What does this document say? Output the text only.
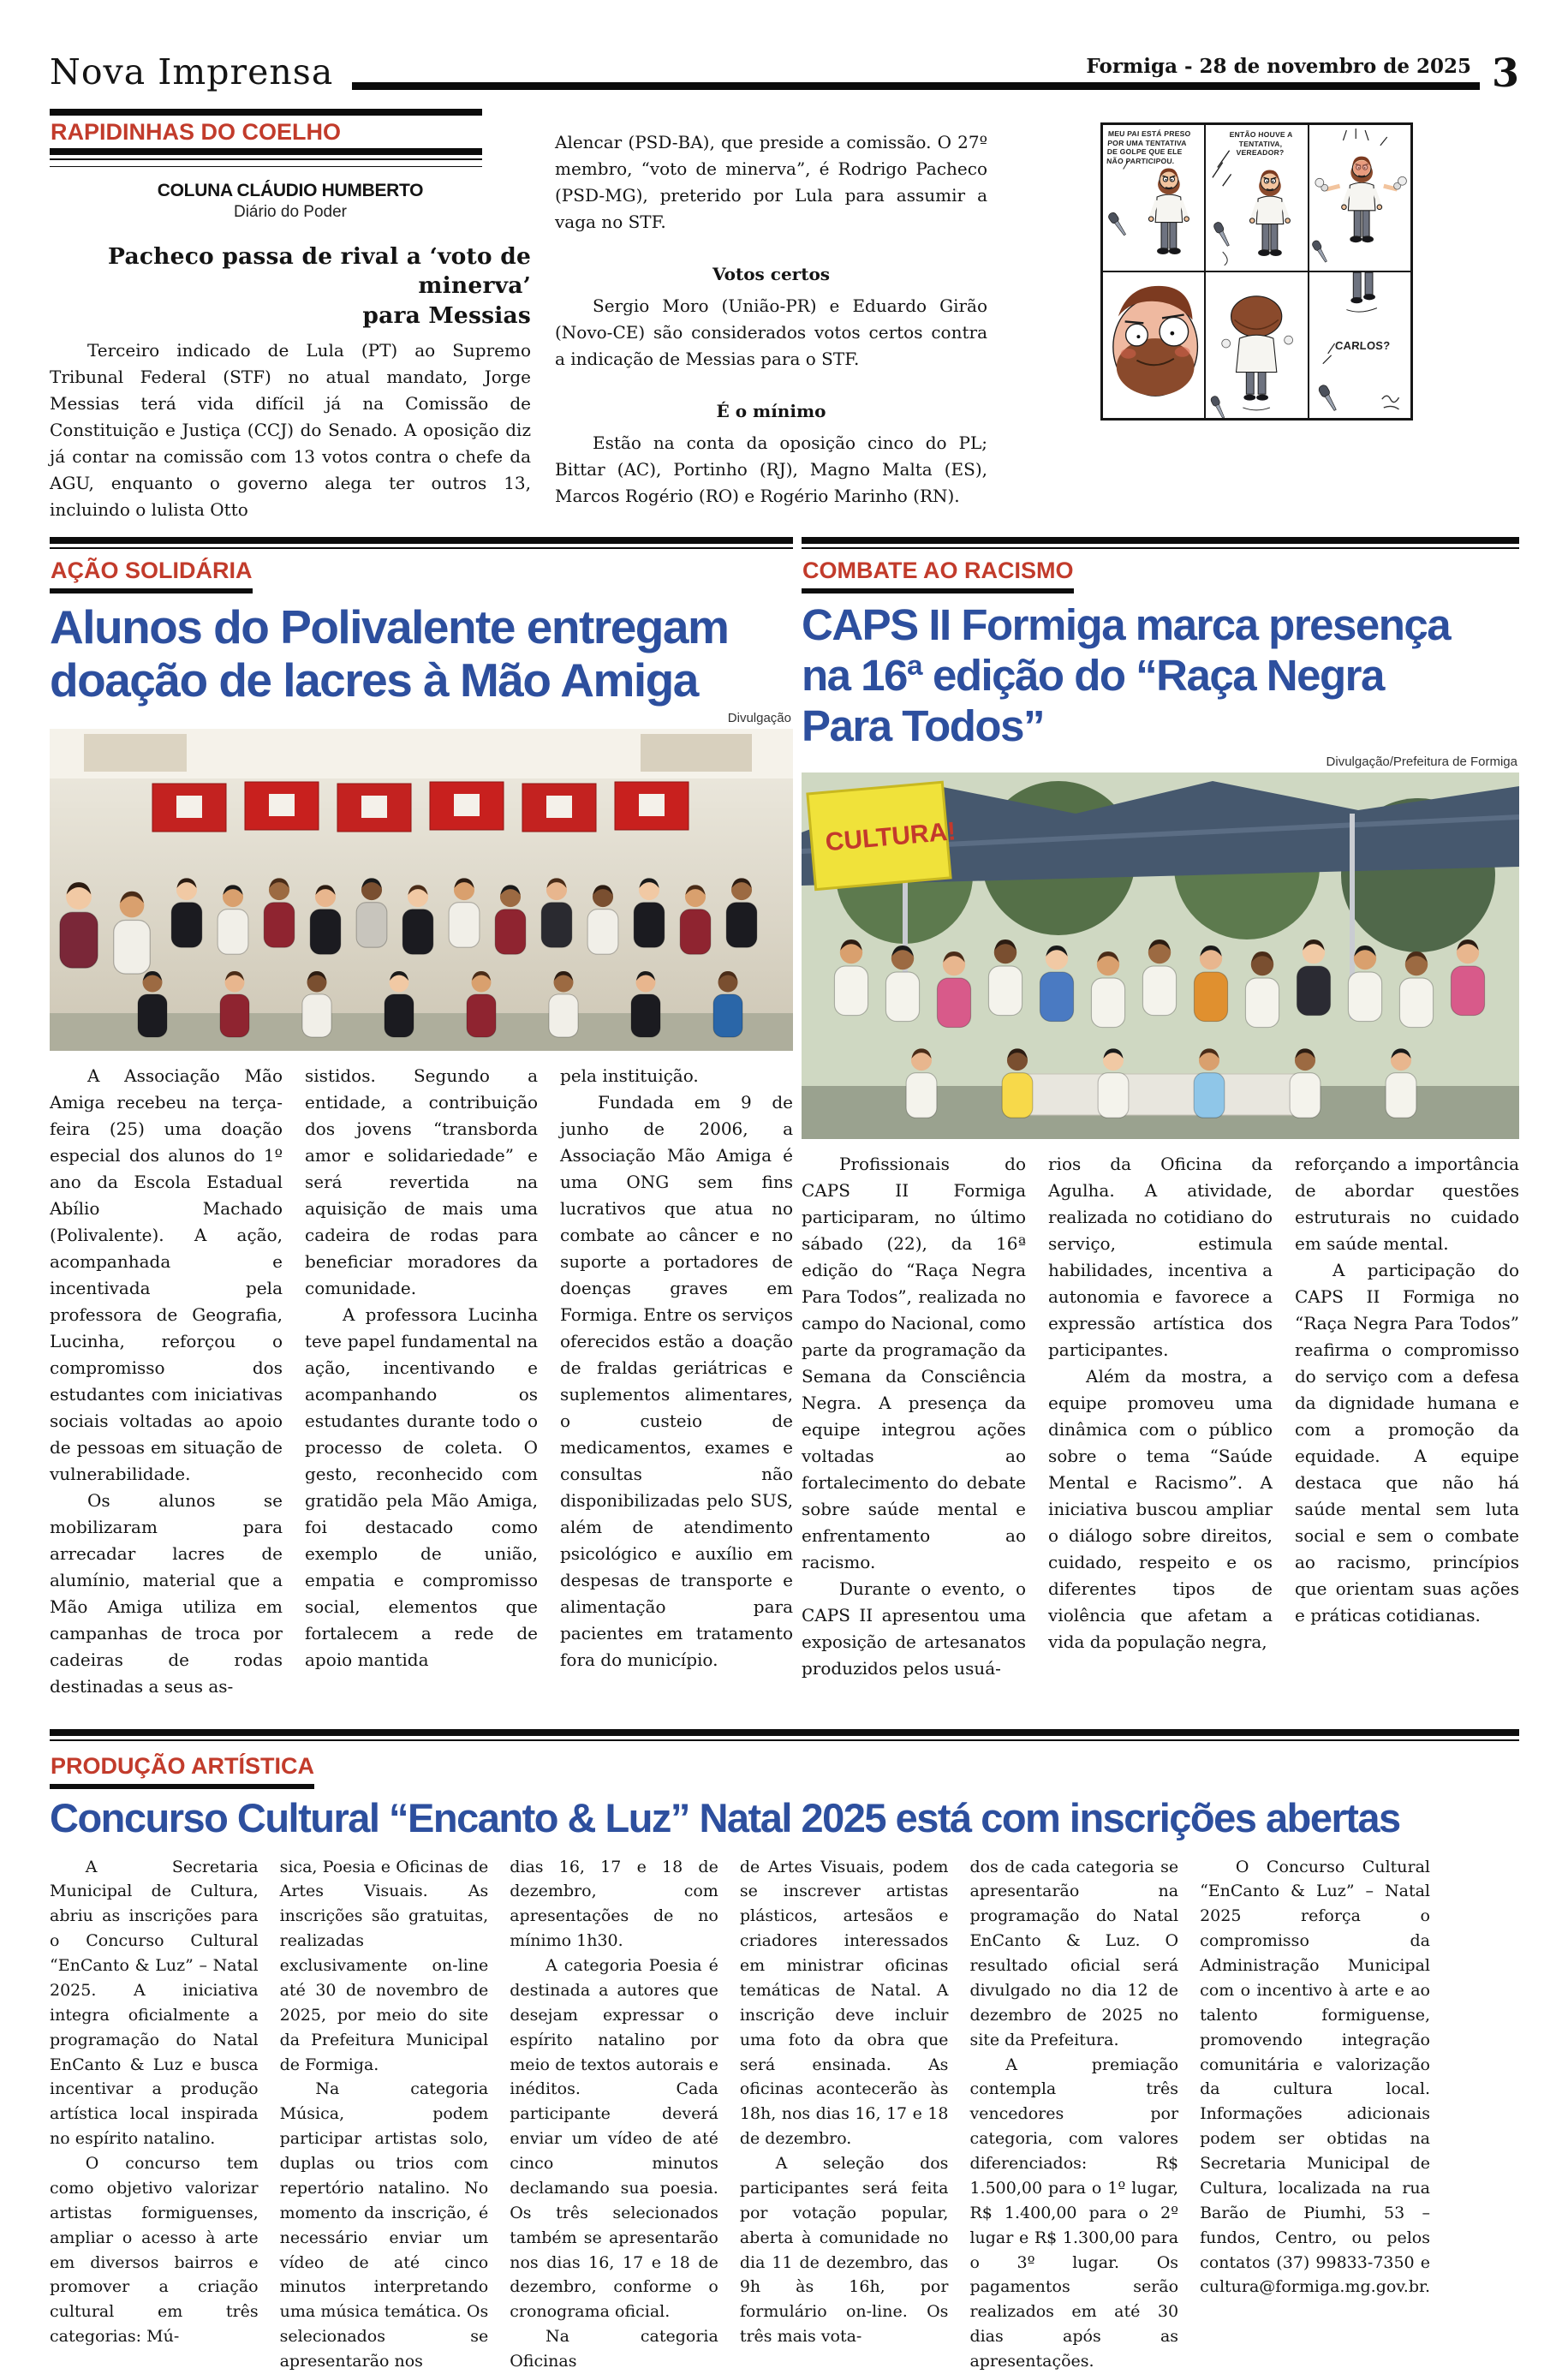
Nova Imprensa	Formiga - 28 de novembro de 2025 3
RAPIDINHAS DO COELHO
COLUNA CLÁUDIO HUMBERTO
Diário do Poder
Pacheco passa de rival a ‘voto de minerva’
para Messias

Terceiro indicado de Lula (PT) ao Supremo Tribunal Federal (STF) no atual mandato, Jorge Messias terá vida difícil já na Comissão de Constituição e Justiça (CCJ) do Senado. A oposição diz já contar na comissão com 13 votos contra o chefe da AGU, enquanto o governo alega ter outros 13, incluindo o lulista Otto

Alencar (PSD-BA), que preside a comissão. O 27º membro, “voto de minerva”, é Rodrigo Pacheco (PSD-MG), preterido por Lula para assumir a vaga no STF.

Votos certos

Sergio Moro (União-PR) e Eduardo Girão (Novo-CE) são considerados votos certos contra a indicação de Messias para o STF.

É o mínimo

Estão na conta da oposição cinco do PL; Bittar (AC), Portinho (RJ), Magno Malta (ES), Marcos Rogério (RO) e Rogério Marinho (RN).

MEU PAI ESTÁ PRESO POR UMA TENTATIVA DE GOLPE QUE ELE NÃO PARTICIPOU.
ENTÃO HOUVE A TENTATIVA, VEREADOR?
CARLOS?
AÇÃO SOLIDÁRIA
Alunos do Polivalente entregam
doação de lacres à Mão Amiga
Divulgação

A Associação Mão Amiga recebeu na terça-feira (25) uma doação especial dos alunos do 1º ano da Escola Estadual Abílio Machado (Polivalente). A ação, acompanhada e incentivada pela professora de Geografia, Lucinha, reforçou o compromisso dos estudantes com iniciativas sociais voltadas ao apoio de pessoas em situação de vulnerabilidade.

Os alunos se mobilizaram para arrecadar lacres de alumínio, material que a Mão Amiga utiliza em campanhas de troca por cadeiras de rodas destinadas a seus as-

sistidos. Segundo a entidade, a contribuição dos jovens “transborda amor e solidariedade” e será revertida na aquisição de mais uma cadeira de rodas para beneficiar moradores da comunidade.

A professora Lucinha teve papel fundamental na ação, incentivando e acompanhando os estudantes durante todo o processo de coleta. O gesto, reconhecido com gratidão pela Mão Amiga, foi destacado como exemplo de união, empatia e compromisso social, elementos que fortalecem a rede de apoio mantida

pela instituição.

Fundada em 9 de junho de 2006, a Associação Mão Amiga é uma ONG sem fins lucrativos que atua no combate ao câncer e no suporte a portadores de doenças graves em Formiga. Entre os serviços oferecidos estão a doação de fraldas geriátricas e suplementos alimentares, o custeio de medicamentos, exames e consultas não disponibilizadas pelo SUS, além de atendimento psicológico e auxílio em despesas de transporte e alimentação para pacientes em tratamento fora do município.

COMBATE AO RACISMO
CAPS II Formiga marca presença
na 16ª edição do “Raça Negra
Para Todos”
Divulgação/Prefeitura de Formiga
CULTURA!

Profissionais do CAPS II Formiga participaram, no último sábado (22), da 16ª edição do “Raça Negra Para Todos”, realizada no campo do Nacional, como parte da programação da Semana da Consciência Negra. A presença da equipe integrou ações voltadas ao fortalecimento do debate sobre saúde mental e enfrentamento ao racismo.

Durante o evento, o CAPS II apresentou uma exposição de artesanatos produzidos pelos usuá-

rios da Oficina da Agulha. A atividade, realizada no cotidiano do serviço, estimula habilidades, incentiva a autonomia e favorece a expressão artística dos participantes.

Além da mostra, a equipe promoveu uma dinâmica com o público sobre o tema “Saúde Mental e Racismo”. A iniciativa buscou ampliar o diálogo sobre direitos, cuidado, respeito e os diferentes tipos de violência que afetam a vida da população negra,

reforçando a importância de abordar questões estruturais no cuidado em saúde mental.

A participação do CAPS II Formiga no “Raça Negra Para Todos” reafirma o compromisso do serviço com a defesa da dignidade humana e com a promoção da equidade. A equipe destaca que não há saúde mental sem luta social e sem o combate ao racismo, princípios que orientam suas ações e práticas cotidianas.

PRODUÇÃO ARTÍSTICA
Concurso Cultural “Encanto & Luz” Natal 2025 está com inscrições abertas

A Secretaria Municipal de Cultura, abriu as inscrições para o Concurso Cultural “EnCanto & Luz” – Natal 2025. A iniciativa integra oficialmente a programação do Natal EnCanto & Luz e busca incentivar a produção artística local inspirada no espírito natalino.

O concurso tem como objetivo valorizar artistas formiguenses, ampliar o acesso à arte em diversos bairros e promover a criação cultural em três categorias: Mú-

sica, Poesia e Oficinas de Artes Visuais. As inscrições são gratuitas, realizadas exclusivamente on-line até 30 de novembro de 2025, por meio do site da Prefeitura Municipal de Formiga.

Na categoria Música, podem participar artistas solo, duplas ou trios com repertório natalino. No momento da inscrição, é necessário enviar um vídeo de até cinco minutos interpretando uma música temática. Os selecionados se apresentarão nos

dias 16, 17 e 18 de dezembro, com apresentações de no mínimo 1h30.

A categoria Poesia é destinada a autores que desejam expressar o espírito natalino por meio de textos autorais e inéditos. Cada participante deverá enviar um vídeo de até cinco minutos declamando sua poesia. Os três selecionados também se apresentarão nos dias 16, 17 e 18 de dezembro, conforme o cronograma oficial.

Na categoria Oficinas

de Artes Visuais, podem se inscrever artistas plásticos, artesãos e criadores interessados em ministrar oficinas temáticas de Natal. A inscrição deve incluir uma foto da obra que será ensinada. As oficinas acontecerão às 18h, nos dias 16, 17 e 18 de dezembro.

A seleção dos participantes será feita por votação popular, aberta à comunidade no dia 11 de dezembro, das 9h às 16h, por formulário on-line. Os três mais vota-

dos de cada categoria se apresentarão na programação do Natal EnCanto & Luz. O resultado oficial será divulgado no dia 12 de dezembro de 2025 no site da Prefeitura.

A premiação contempla três vencedores por categoria, com valores diferenciados: R$ 1.500,00 para o 1º lugar, R$ 1.400,00 para o 2º lugar e R$ 1.300,00 para o 3º lugar. Os pagamentos serão realizados em até 30 dias após as apresentações.

O Concurso Cultural “EnCanto & Luz” – Natal 2025 reforça o compromisso da Administração Municipal com o incentivo à arte e ao talento formiguense, promovendo integração comunitária e valorização da cultura local. Informações adicionais podem ser obtidas na Secretaria Municipal de Cultura, localizada na rua Barão de Piumhi, 53 – fundos, Centro, ou pelos contatos (37) 99833-7350 e cultura@formiga.mg.gov.br.
